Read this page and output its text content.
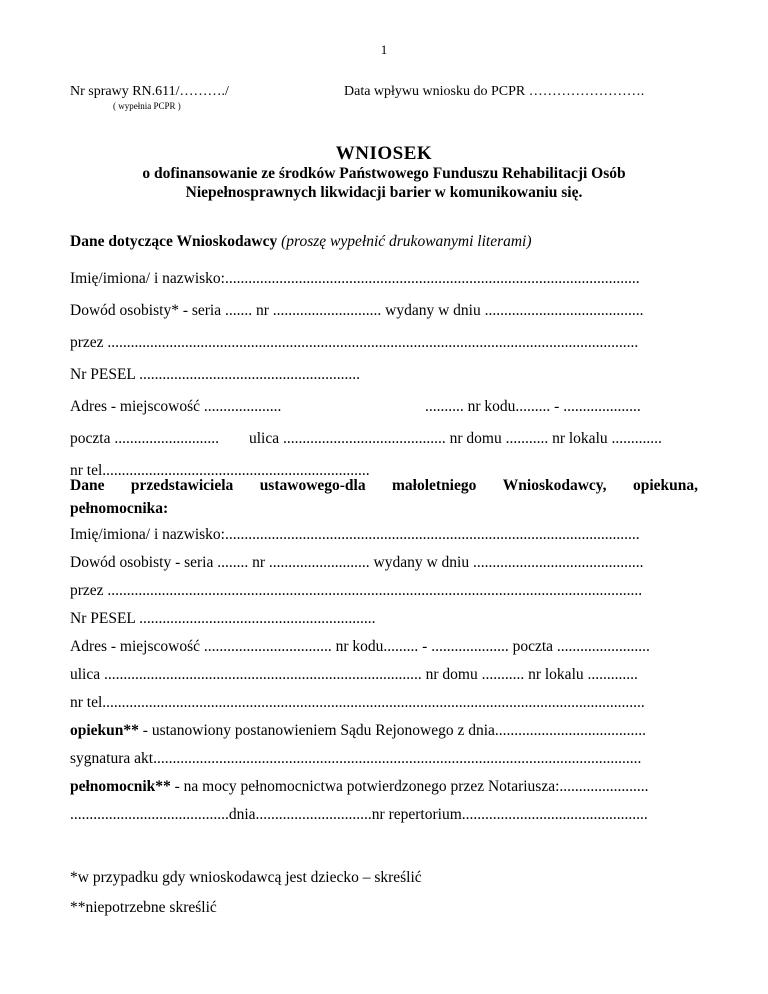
1
Nr sprawy RN.611/………./
( wypełnia PCPR )
Data wpływu wniosku do PCPR …………………….
WNIOSEK
o dofinansowanie ze środków Państwowego Funduszu Rehabilitacji Osób
Niepełnosprawnych likwidacji barier w komunikowaniu się.
Dane dotyczące Wnioskodawcy (proszę wypełnić drukowanymi literami)
Imię/imiona/ i nazwisko:...........................................................................................................
Dowód osobisty* - seria ....... nr ............................ wydany w dniu .........................................
przez .........................................................................................................................................
Nr PESEL .........................................................
Adres - miejscowość ....................	.......... nr kodu......... - ....................
poczta ........................... ulica .......................................... nr domu ........... nr lokalu .............
nr tel.....................................................................
Dane przedstawiciela ustawowego-dla małoletniego Wnioskodawcy, opiekuna,
pełnomocnika:
Imię/imiona/ i nazwisko:...........................................................................................................
Dowód osobisty - seria ........ nr .......................... wydany w dniu ............................................
przez ..........................................................................................................................................
Nr PESEL .............................................................
Adres - miejscowość ................................. nr kodu......... - .................... poczta ........................
ulica .................................................................................. nr domu ........... nr lokalu .............
nr tel............................................................................................................................................
opiekun** - ustanowiony postanowieniem Sądu Rejonowego z dnia.......................................
sygnatura akt..............................................................................................................................
pełnomocnik** - na mocy pełnomocnictwa potwierdzonego przez Notariusza:.......................
.........................................dnia..............................nr repertorium................................................
*w przypadku gdy wnioskodawcą jest dziecko – skreślić
**niepotrzebne skreślić
